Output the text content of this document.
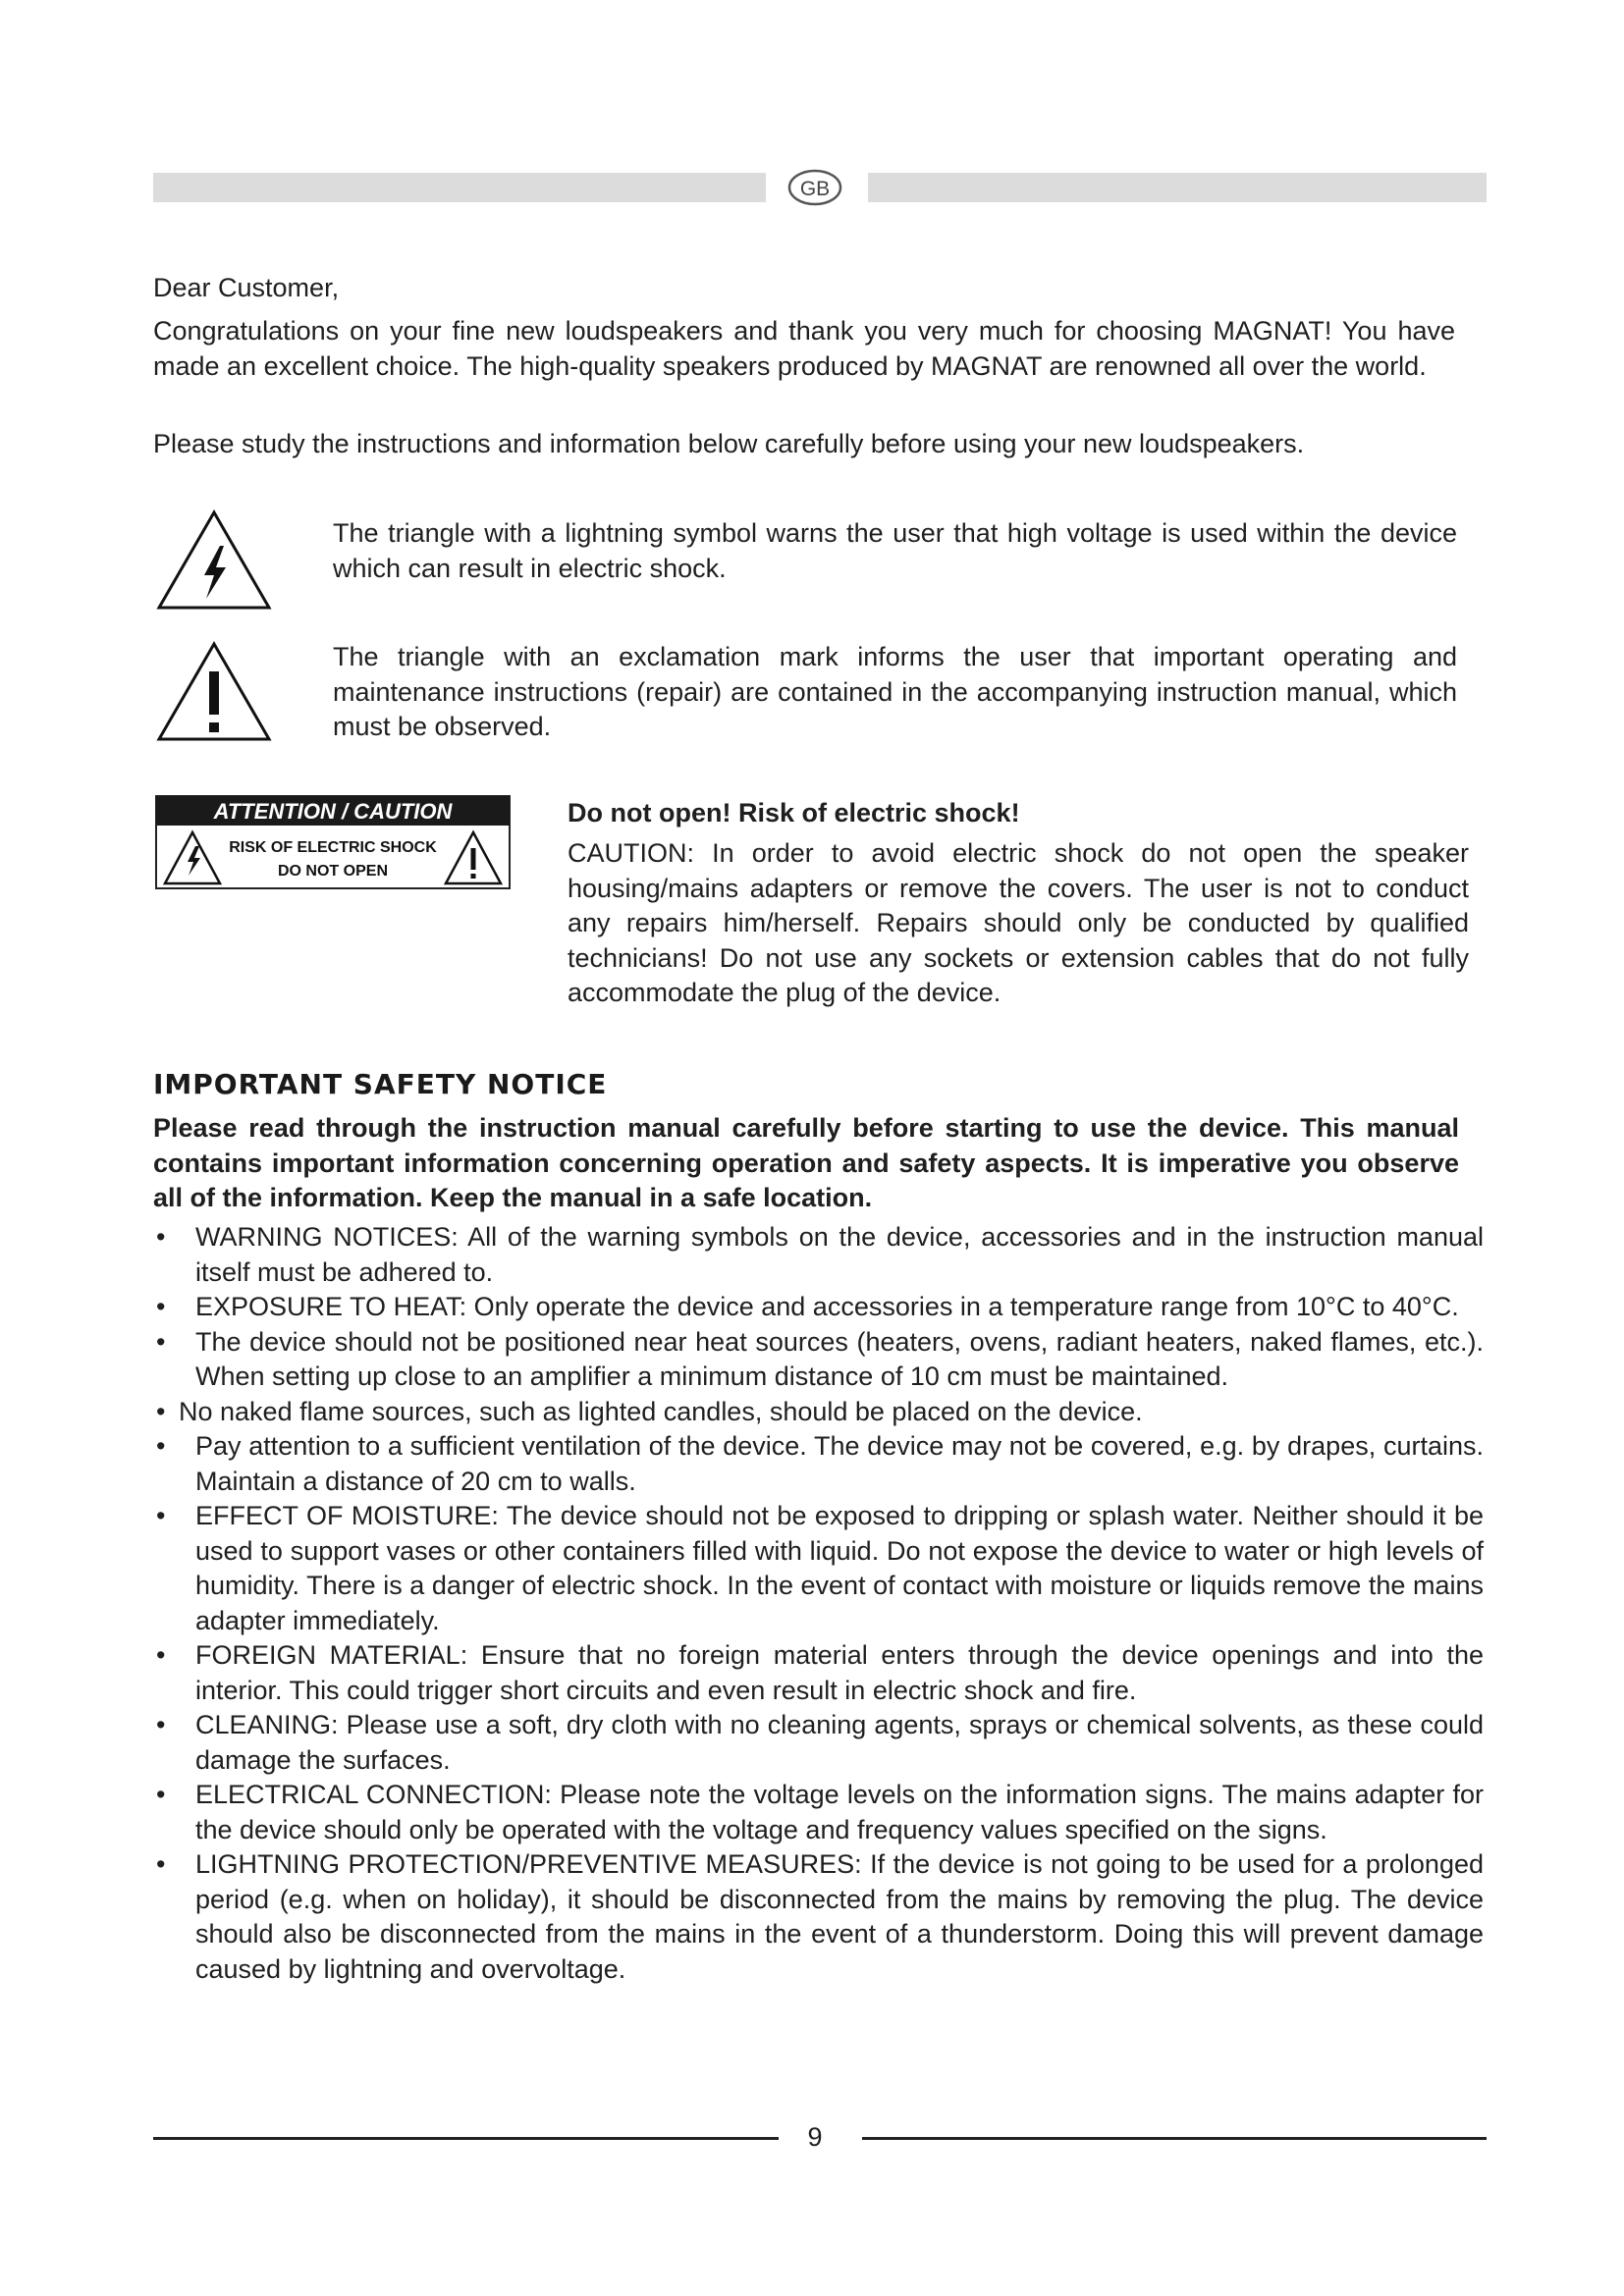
GB

Dear Customer,

Congratulations on your fine new loudspeakers and thank you very much for choosing MAGNAT! You have made an excellent choice. The high-quality speakers produced by MAGNAT are renowned all over the world.

Please study the instructions and information below carefully before using your new loudspeakers.

The triangle with a lightning symbol warns the user that high voltage is used within the device which can result in electric shock.

The triangle with an exclamation mark informs the user that important operating and maintenance instructions (repair) are contained in the accompanying instruction manual, which must be observed.

ATTENTION / CAUTION
RISK OF ELECTRIC SHOCK
DO NOT OPEN

Do not open! Risk of electric shock!

CAUTION: In order to avoid electric shock do not open the speaker housing/mains adapters or remove the covers. The user is not to conduct any repairs him/herself. Repairs should only be conducted by qualified technicians! Do not use any sockets or extension cables that do not fully accommodate the plug of the device.

IMPORTANT SAFETY NOTICE

Please read through the instruction manual carefully before starting to use the device. This manual contains important information concerning operation and safety aspects. It is imperative you observe all of the information. Keep the manual in a safe location.

• WARNING NOTICES: All of the warning symbols on the device, accessories and in the instruction manual itself must be adhered to.
• EXPOSURE TO HEAT: Only operate the device and accessories in a temperature range from 10°C to 40°C.
• The device should not be positioned near heat sources (heaters, ovens, radiant heaters, naked flames, etc.). When setting up close to an amplifier a minimum distance of 10 cm must be maintained.
• No naked flame sources, such as lighted candles, should be placed on the device.
• Pay attention to a sufficient ventilation of the device. The device may not be covered, e.g. by drapes, curtains. Maintain a distance of 20 cm to walls.
• EFFECT OF MOISTURE: The device should not be exposed to dripping or splash water. Neither should it be used to support vases or other containers filled with liquid. Do not expose the device to water or high levels of humidity. There is a danger of electric shock. In the event of contact with moisture or liquids remove the mains adapter immediately.
• FOREIGN MATERIAL: Ensure that no foreign material enters through the device openings and into the interior. This could trigger short circuits and even result in electric shock and fire.
• CLEANING: Please use a soft, dry cloth with no cleaning agents, sprays or chemical solvents, as these could damage the surfaces.
• ELECTRICAL CONNECTION: Please note the voltage levels on the information signs. The mains adapter for the device should only be operated with the voltage and frequency values specified on the signs.
• LIGHTNING PROTECTION/PREVENTIVE MEASURES: If the device is not going to be used for a prolonged period (e.g. when on holiday), it should be disconnected from the mains by removing the plug. The device should also be disconnected from the mains in the event of a thunderstorm. Doing this will prevent damage caused by lightning and overvoltage.
9
